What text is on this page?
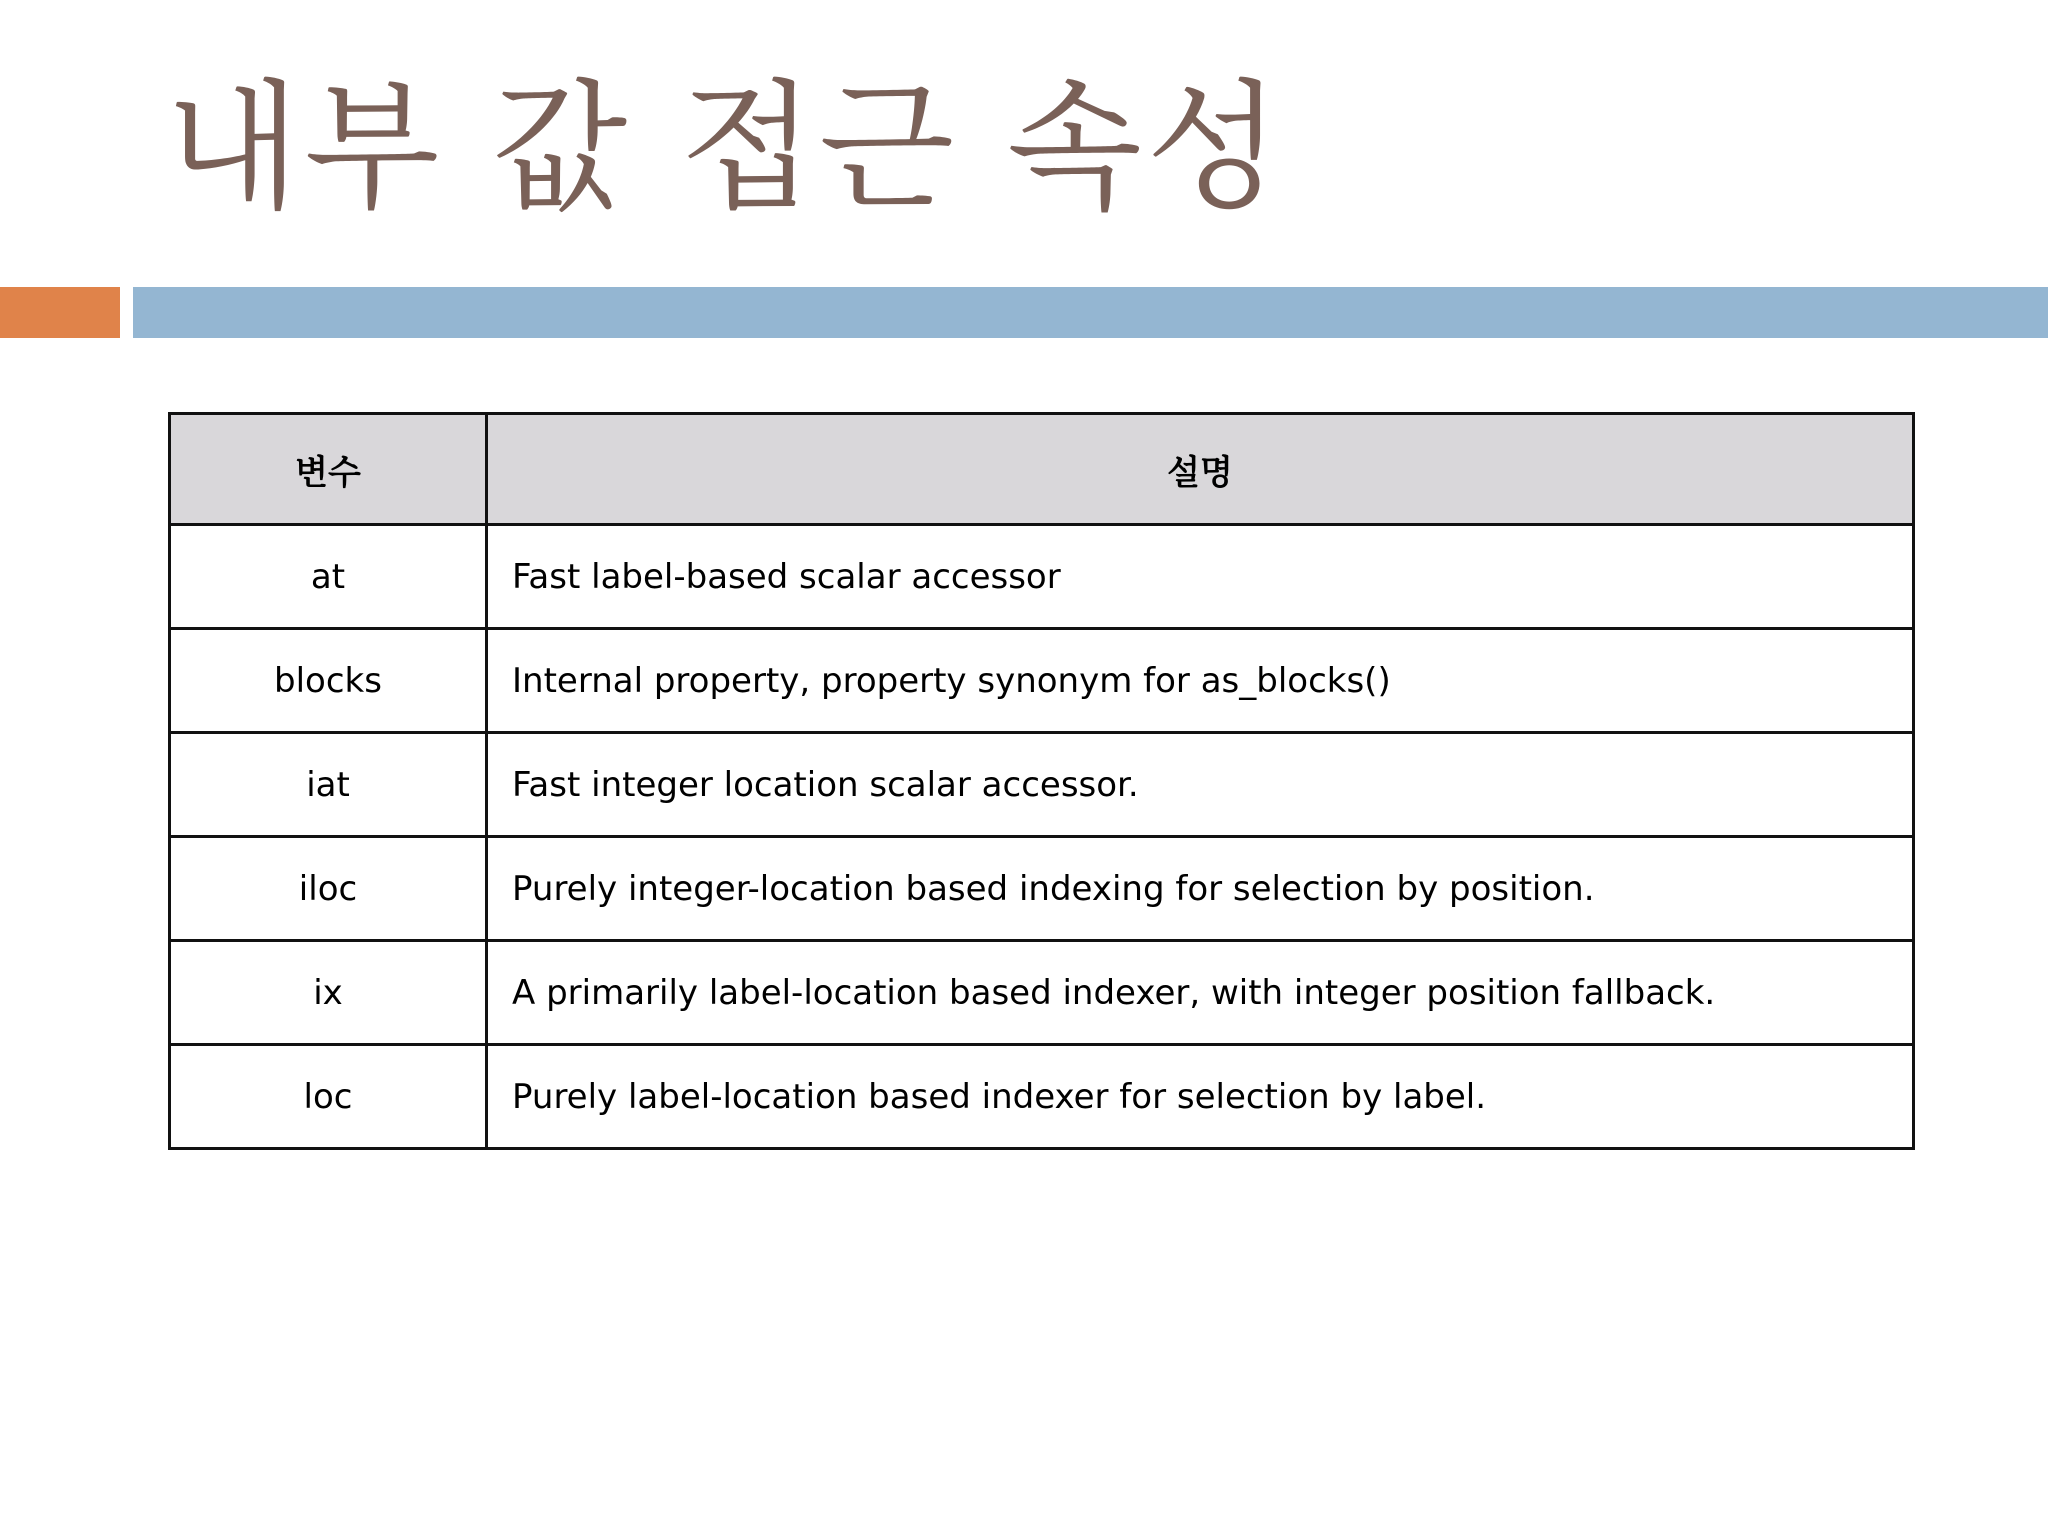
내부 값 접근 속성
변수	설명
at	Fast label-based scalar accessor
blocks	Internal property, property synonym for as_blocks()
iat	Fast integer location scalar accessor.
iloc	Purely integer-location based indexing for selection by position.
ix	A primarily label-location based indexer, with integer position fallback.
loc	Purely label-location based indexer for selection by label.
